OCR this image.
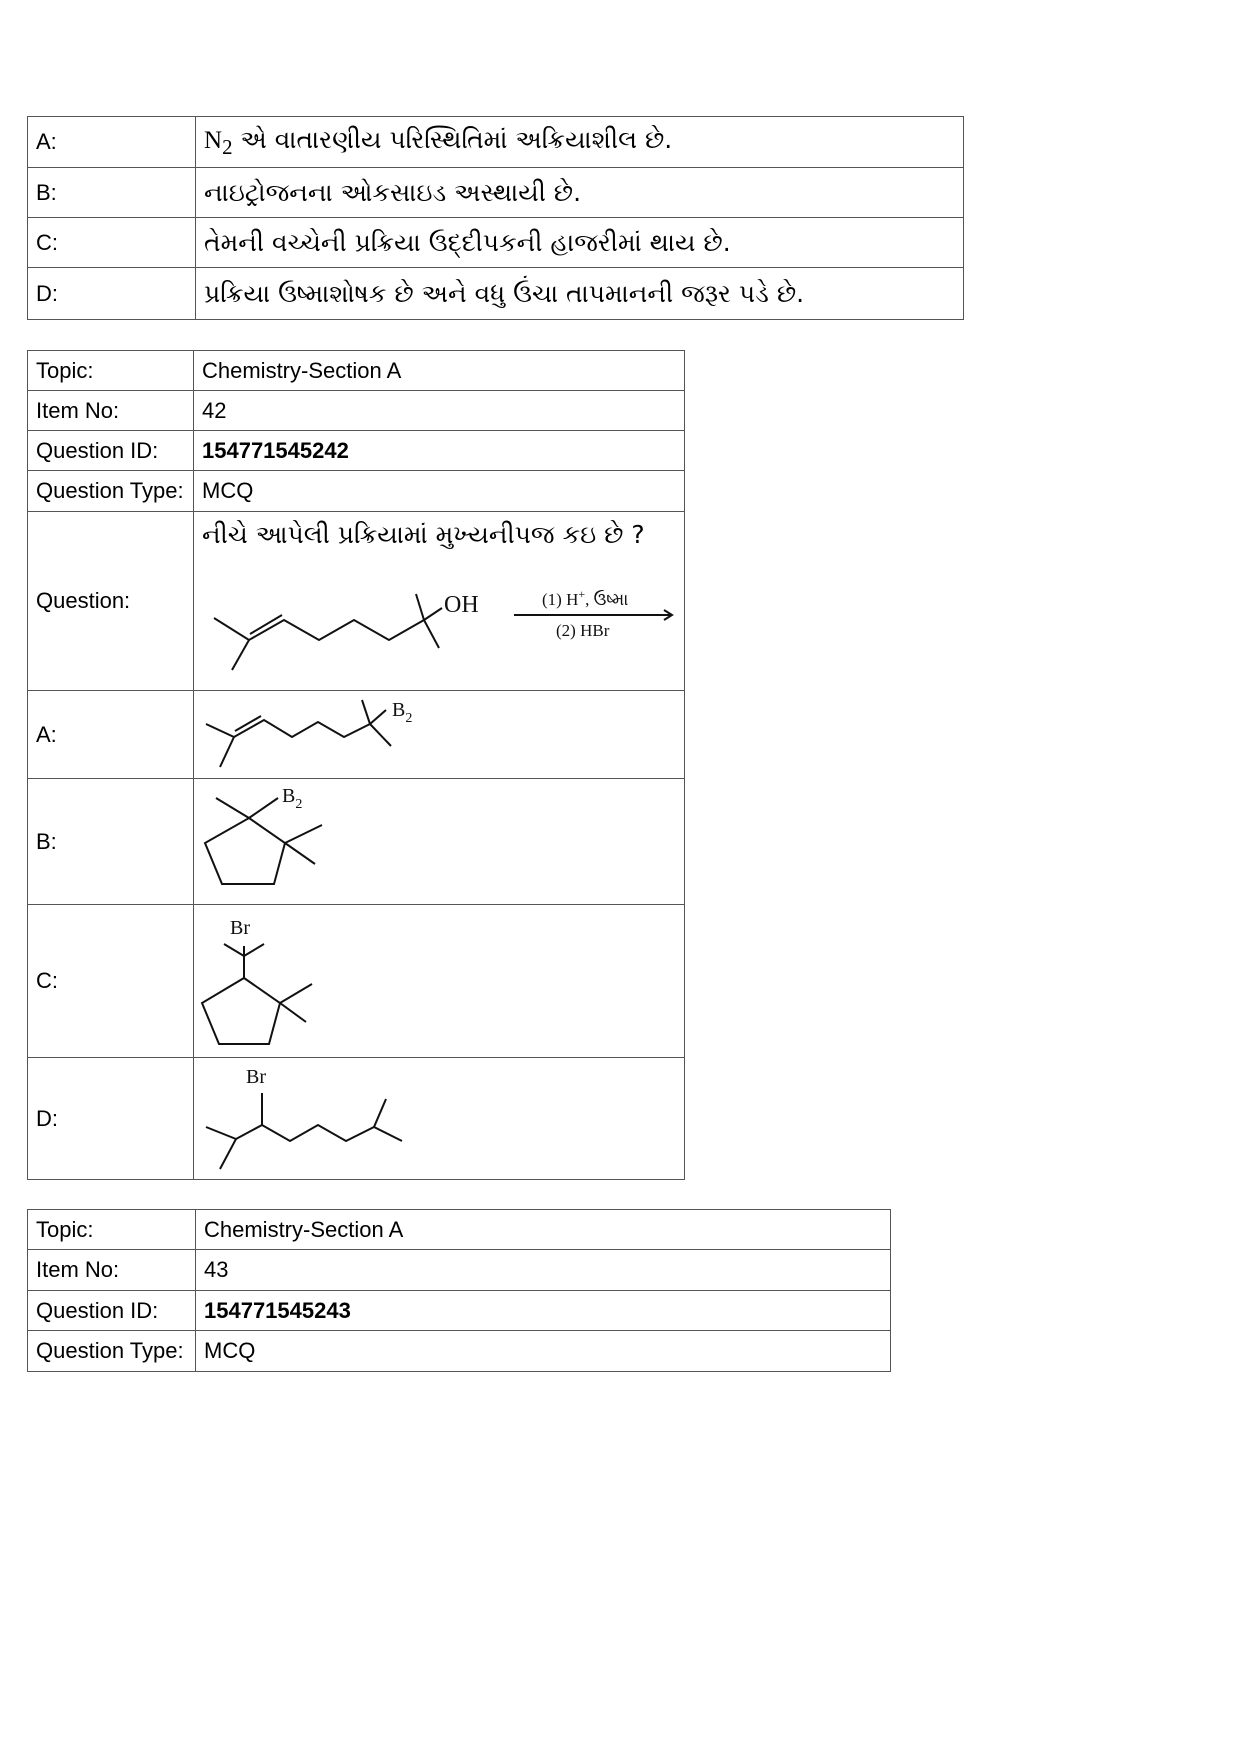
A:	$N_2$ એ વાતારણીય પરિસ્થિતિમાં અક્રિયાશીલ છે.
B:	નાઇટ્રોજનના ઓકસાઇડ અસ્થાયી છે.
C:	તેમની વચ્ચેની પ્રક્રિયા ઉદ્દીપકની હાજરીમાં થાય છે.
D:	પ્રક્રિયા ઉષ્માશોષક છે અને વધુ ઉંચા તાપમાનની જરૂર પડે છે.
Topic:	Chemistry-Section A
Item No:	42
Question ID:	154771545242
Question Type:	MCQ
Question:	નીચે આપેલી પ્રક્રિયામાં મુખ્યનીપજ કઇ છે ?
OH (1) H+, ઉષ્મા
(2) HBr

A:	$B_2$

B:	$B_2$

C:	Br

D:	Br
Topic:	Chemistry-Section A
Item No:	43
Question ID:	154771545243
Question Type:	MCQ
